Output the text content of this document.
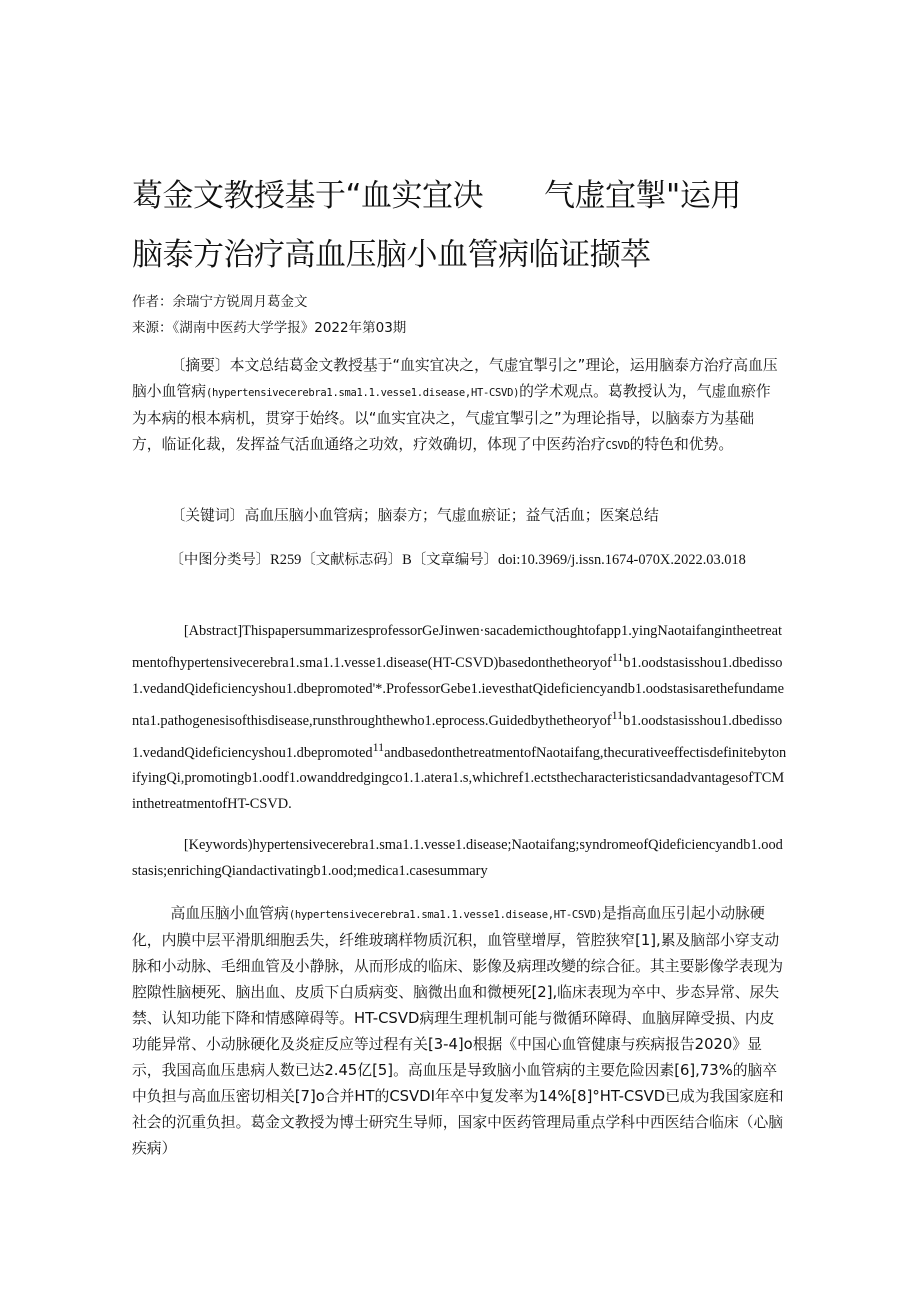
葛金文教授基于“血实宜决　　气虚宜掣"运用
脑泰方治疗高血压脑小血管病临证撷萃

作者：余瑞宁方锐周月葛金文

来源：《湖南中医药大学学报》2022年第03期

〔摘要〕本文总结葛金文教授基于“血实宜决之，气虚宜掣引之”理论，运用脑泰方治疗高血压脑小血管病(hypertensivecerebra1.sma1.1.vesse1.disease,HT-CSVD)的学术观点。葛教授认为，气虚血瘀作为本病的根本病机，贯穿于始终。以“血实宜决之，气虚宜掣引之”为理论指导，以脑泰方为基础方，临证化裁，发挥益气活血通络之功效，疗效确切，体现了中医药治疗CSVD的特色和优势。

〔关键词〕高血压脑小血管病；脑泰方；气虚血瘀证；益气活血；医案总结

〔中图分类号〕R259〔文献标志码〕B〔文章编号〕doi:10.3969/j.issn.1674-070X.2022.03.018

[Abstract]ThispapersummarizesprofessorGeJinwen·sacademicthoughtofapp1.yingNaotaifangintheetreatmentofhypertensivecerebra1.sma1.1.vesse1.disease(HT-CSVD)basedonthetheoryof$^{11}$b1.oodstasisshou1.dbedisso1.vedandQideficiencyshou1.dbepromoted'*.ProfessorGebe1.ievesthatQideficiencyandb1.oodstasisarethefundamenta1.pathogenesisofthisdisease,runsthroughthewho1.eprocess.Guidedbythetheoryof$^{11}$b1.oodstasisshou1.dbedisso1.vedandQideficiencyshou1.dbepromoted$^{11}$andbasedonthetreatmentofNaotaifang,thecurativeeffectisdefinitebytonifyingQi,promotingb1.oodf1.owanddredgingco1.1.atera1.s,whichref1.ectsthecharacteristicsandadvantagesofTCMinthetreatmentofHT-CSVD.

[Keywords)hypertensivecerebra1.sma1.1.vesse1.disease;Naotaifang;syndromeofQideficiencyandb1.oodstasis;enrichingQiandactivatingb1.ood;medica1.casesummary

高血压脑小血管病(hypertensivecerebra1.sma1.1.vesse1.disease,HT-CSVD)是指高血压引起小动脉硬化，内膜中层平滑肌细胞丢失，纤维玻璃样物质沉积，血管壁增厚，管腔狭窄[1],累及脑部小穿支动脉和小动脉、毛细血管及小静脉，从而形成的临床、影像及病理改變的综合征。其主要影像学表现为腔隙性脑梗死、脑出血、皮质下白质病变、脑微出血和微梗死[2],临床表现为卒中、步态异常、尿失禁、认知功能下降和情感障碍等。HT-CSVD病理生理机制可能与微循环障碍、血脑屏障受损、内皮功能异常、小动脉硬化及炎症反应等过程有关[3-4]o根据《中国心血管健康与疾病报告2020》显示，我国高血压患病人数已达2.45亿[5]。高血压是导致脑小血管病的主要危险因素[6],73%的脑卒中负担与高血压密切相关[7]o合并HT的CSVDI年卒中复发率为14%[8]°HT-CSVD已成为我国家庭和社会的沉重负担。葛金文教授为博士研究生导师，国家中医药管理局重点学科中西医结合临床（心脑疾病）
